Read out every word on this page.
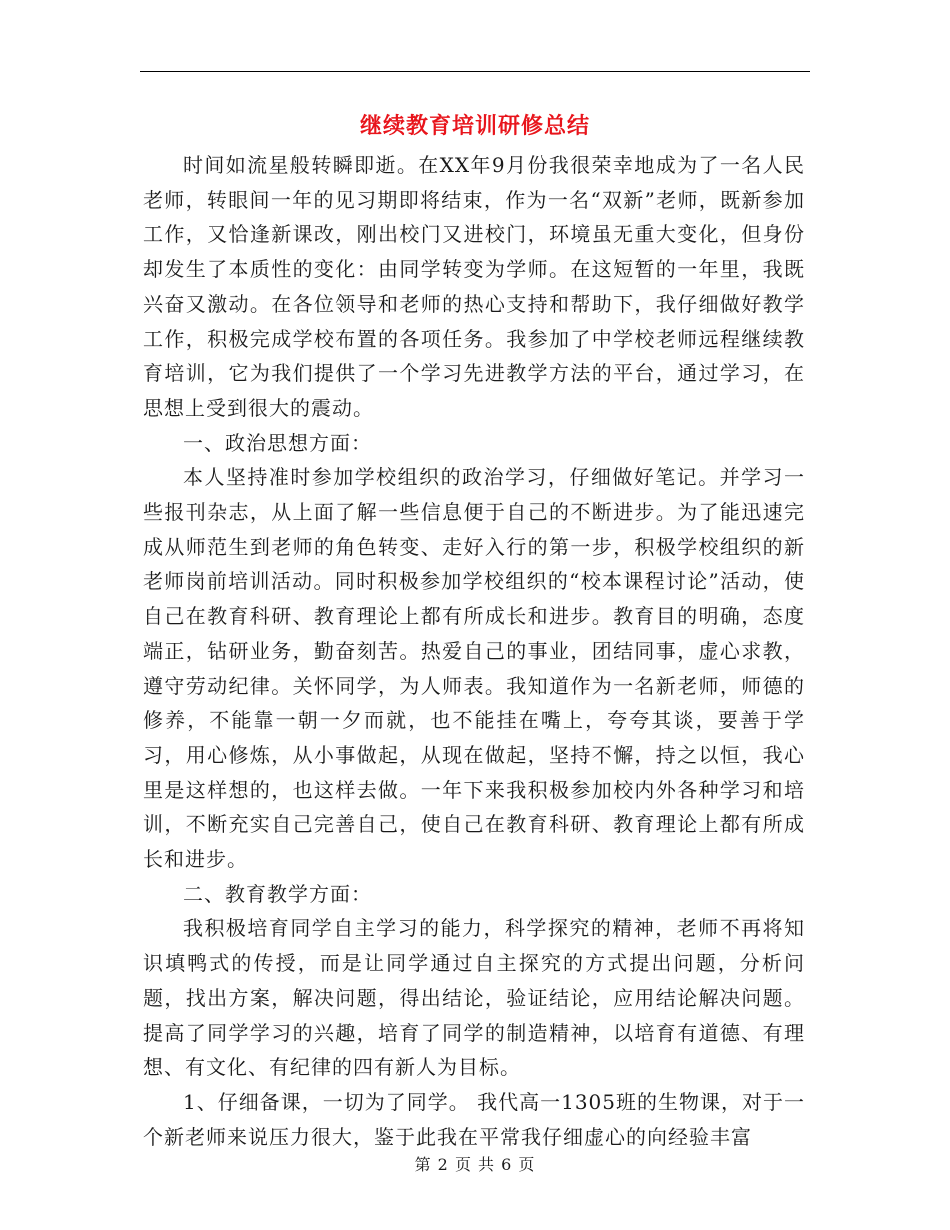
继续教育培训研修总结

时间如流星般转瞬即逝。在XX年9月份我很荣幸地成为了一名人民老师，转眼间一年的见习期即将结束，作为一名“双新”老师，既新参加工作，又恰逢新课改，刚出校门又进校门，环境虽无重大变化，但身份却发生了本质性的变化：由同学转变为学师。在这短暂的一年里，我既兴奋又激动。在各位领导和老师的热心支持和帮助下，我仔细做好教学工作，积极完成学校布置的各项任务。我参加了中学校老师远程继续教育培训，它为我们提供了一个学习先进教学方法的平台，通过学习，在思想上受到很大的震动。

一、政治思想方面：

本人坚持准时参加学校组织的政治学习，仔细做好笔记。并学习一些报刊杂志，从上面了解一些信息便于自己的不断进步。为了能迅速完成从师范生到老师的角色转变、走好入行的第一步，积极学校组织的新老师岗前培训活动。同时积极参加学校组织的“校本课程讨论”活动，使自己在教育科研、教育理论上都有所成长和进步。教育目的明确，态度端正，钻研业务，勤奋刻苦。热爱自己的事业，团结同事，虚心求教，遵守劳动纪律。关怀同学，为人师表。我知道作为一名新老师，师德的修养，不能靠一朝一夕而就，也不能挂在嘴上，夸夸其谈，要善于学习，用心修炼，从小事做起，从现在做起，坚持不懈，持之以恒，我心里是这样想的，也这样去做。一年下来我积极参加校内外各种学习和培训，不断充实自己完善自己，使自己在教育科研、教育理论上都有所成长和进步。

二、教育教学方面：

我积极培育同学自主学习的能力，科学探究的精神，老师不再将知识填鸭式的传授，而是让同学通过自主探究的方式提出问题，分析问题，找出方案，解决问题，得出结论，验证结论，应用结论解决问题。提高了同学学习的兴趣，培育了同学的制造精神，以培育有道德、有理想、有文化、有纪律的四有新人为目标。

1、仔细备课，一切为了同学。 我代高一1305班的生物课，对于一个新老师来说压力很大，鉴于此我在平常我仔细虚心的向经验丰富

第 2 页 共 6 页
